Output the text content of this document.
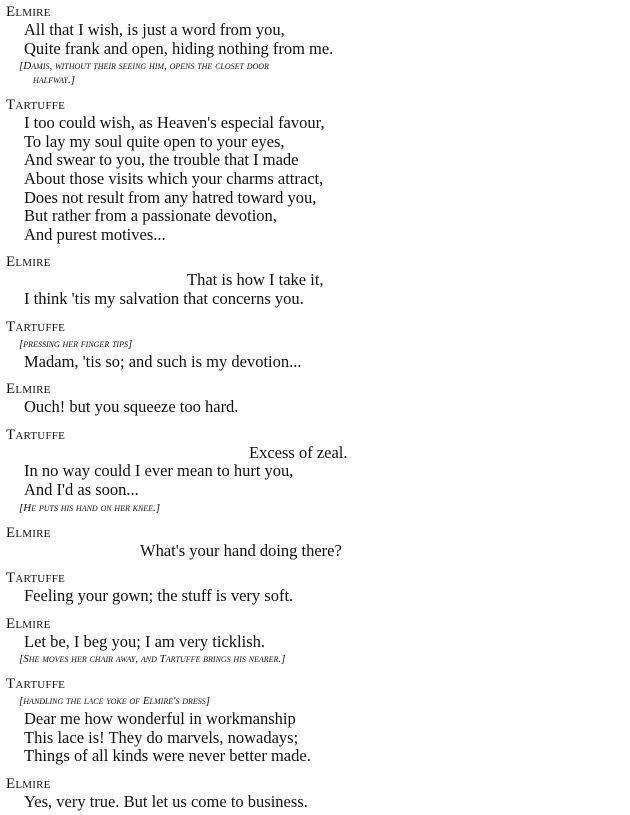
Elmire
All that I wish, is just a word from you,
Quite frank and open, hiding nothing from me.
[Damis, without their seeing him, opens the closet door
halfway.]
Tartuffe
I too could wish, as Heaven's especial favour,
To lay my soul quite open to your eyes,
And swear to you, the trouble that I made
About those visits which your charms attract,
Does not result from any hatred toward you,
But rather from a passionate devotion,
And purest motives...
Elmire
That is how I take it,
I think 'tis my salvation that concerns you.
Tartuffe
[pressing her finger tips]
Madam, 'tis so; and such is my devotion...
Elmire
Ouch! but you squeeze too hard.
Tartuffe
Excess of zeal.
In no way could I ever mean to hurt you,
And I'd as soon...
[He puts his hand on her knee.]
Elmire
What's your hand doing there?
Tartuffe
Feeling your gown; the stuff is very soft.
Elmire
Let be, I beg you; I am very ticklish.
[She moves her chair away, and Tartuffe brings his nearer.]
Tartuffe
[handling the lace yoke of Elmire's dress]
Dear me how wonderful in workmanship
This lace is! They do marvels, nowadays;
Things of all kinds were never better made.
Elmire
Yes, very true. But let us come to business.
